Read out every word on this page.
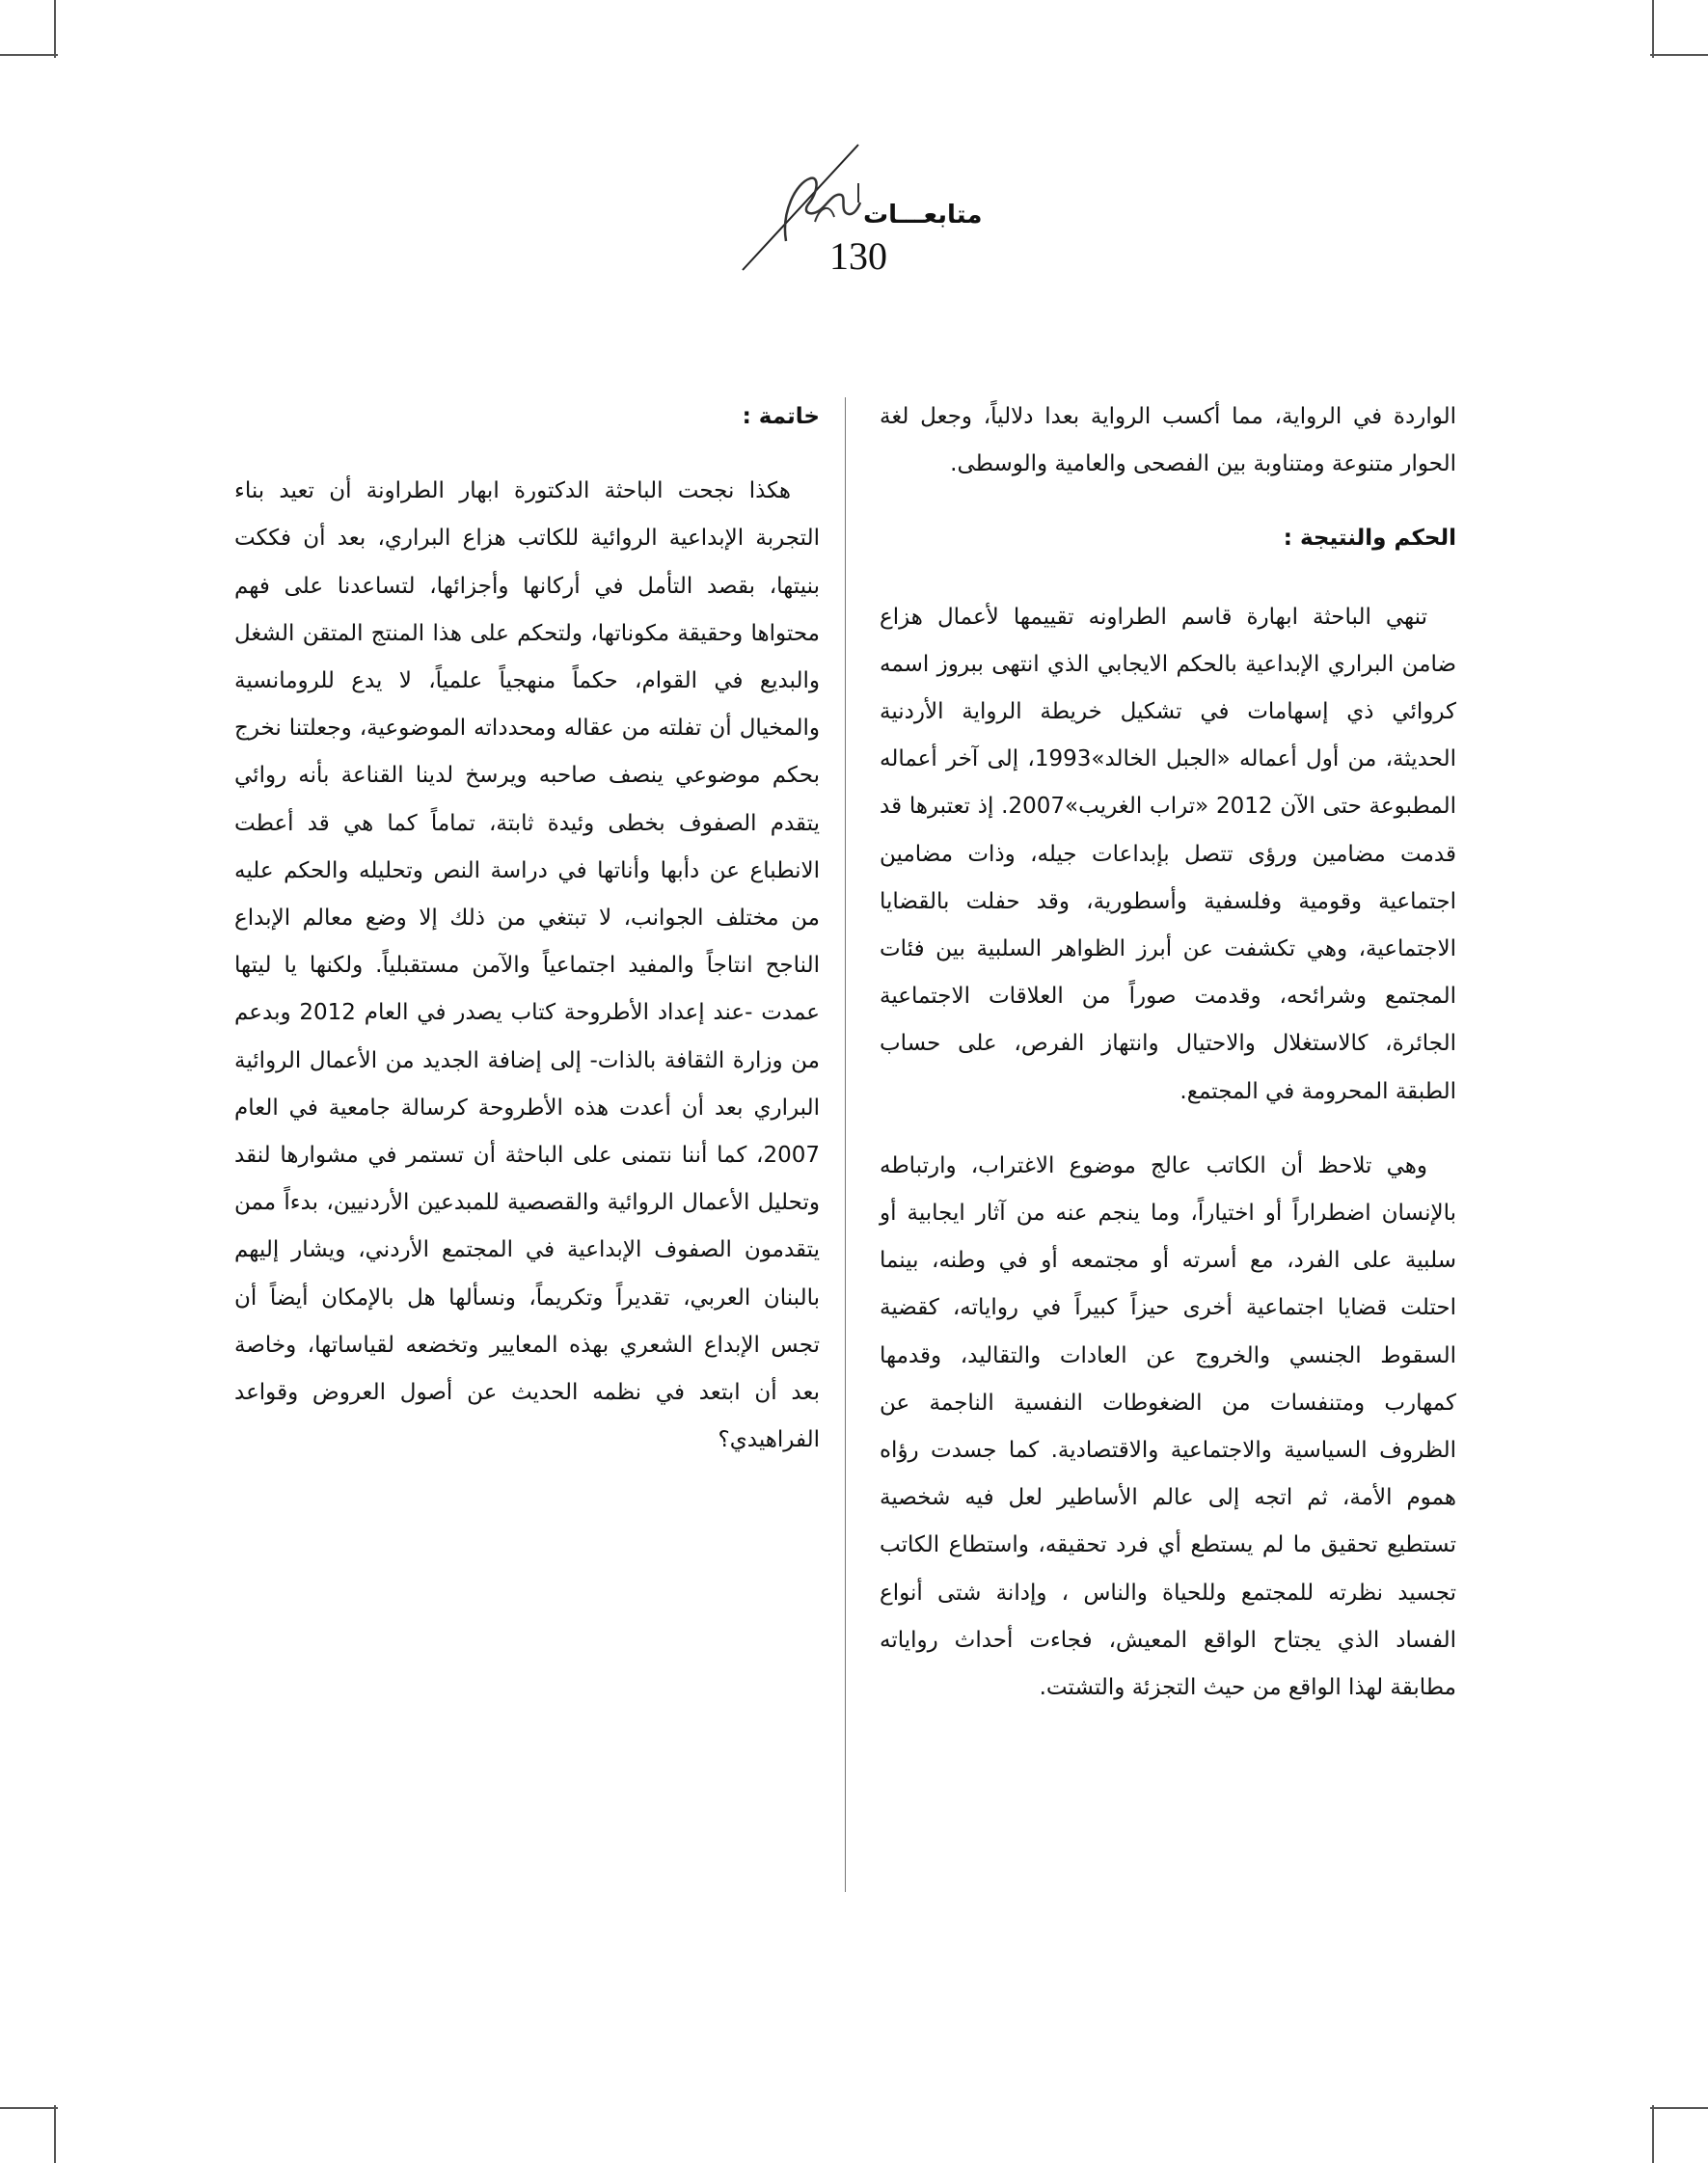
متابعـــات
130

الواردة في الرواية، مما أكسب الرواية بعدا دلالياً، وجعل لغة الحوار متنوعة ومتناوبة بين الفصحى والعامية والوسطى.

الحكم والنتيجة :

تنهي الباحثة ابهارة قاسم الطراونه تقييمها لأعمال هزاع ضامن البراري الإبداعية بالحكم الايجابي الذي انتهى ببروز اسمه كروائي ذي إسهامات في تشكيل خريطة الرواية الأردنية الحديثة، من أول أعماله «الجبل الخالد»1993، إلى آخر أعماله المطبوعة حتى الآن 2012 «تراب الغريب»2007. إذ تعتبرها قد قدمت مضامين ورؤى تتصل بإبداعات جيله، وذات مضامين اجتماعية وقومية وفلسفية وأسطورية، وقد حفلت بالقضايا الاجتماعية، وهي تكشفت عن أبرز الظواهر السلبية بين فئات المجتمع وشرائحه، وقدمت صوراً من العلاقات الاجتماعية الجائرة، كالاستغلال والاحتيال وانتهاز الفرص، على حساب الطبقة المحرومة في المجتمع.

وهي تلاحظ أن الكاتب عالج موضوع الاغتراب، وارتباطه بالإنسان اضطراراً أو اختياراً، وما ينجم عنه من آثار ايجابية أو سلبية على الفرد، مع أسرته أو مجتمعه أو في وطنه، بينما احتلت قضايا اجتماعية أخرى حيزاً كبيراً في رواياته، كقضية السقوط الجنسي والخروج عن العادات والتقاليد، وقدمها كمهارب ومتنفسات من الضغوطات النفسية الناجمة عن الظروف السياسية والاجتماعية والاقتصادية. كما جسدت رؤاه هموم الأمة، ثم اتجه إلى عالم الأساطير لعل فيه شخصية تستطيع تحقيق ما لم يستطع أي فرد تحقيقه، واستطاع الكاتب تجسيد نظرته للمجتمع وللحياة والناس ، وإدانة شتى أنواع الفساد الذي يجتاح الواقع المعيش، فجاءت أحداث رواياته مطابقة لهذا الواقع من حيث التجزئة والتشتت.

خاتمة :

هكذا نجحت الباحثة الدكتورة ابهار الطراونة أن تعيد بناء التجربة الإبداعية الروائية للكاتب هزاع البراري، بعد أن فككت بنيتها، بقصد التأمل في أركانها وأجزائها، لتساعدنا على فهم محتواها وحقيقة مكوناتها، ولتحكم على هذا المنتج المتقن الشغل والبديع في القوام، حكماً منهجياً علمياً، لا يدع للرومانسية والمخيال أن تفلته من عقاله ومحدداته الموضوعية، وجعلتنا نخرج بحكم موضوعي ينصف صاحبه ويرسخ لدينا القناعة بأنه روائي يتقدم الصفوف بخطى وئيدة ثابتة، تماماً كما هي قد أعطت الانطباع عن دأبها وأناتها في دراسة النص وتحليله والحكم عليه من مختلف الجوانب، لا تبتغي من ذلك إلا وضع معالم الإبداع الناجح انتاجاً والمفيد اجتماعياً والآمن مستقبلياً. ولكنها يا ليتها عمدت -عند إعداد الأطروحة كتاب يصدر في العام 2012 وبدعم من وزارة الثقافة بالذات- إلى إضافة الجديد من الأعمال الروائية البراري بعد أن أعدت هذه الأطروحة كرسالة جامعية في العام 2007، كما أننا نتمنى على الباحثة أن تستمر في مشوارها لنقد وتحليل الأعمال الروائية والقصصية للمبدعين الأردنيين، بدءاً ممن يتقدمون الصفوف الإبداعية في المجتمع الأردني، ويشار إليهم بالبنان العربي، تقديراً وتكريماً، ونسألها هل بالإمكان أيضاً أن تجس الإبداع الشعري بهذه المعايير وتخضعه لقياساتها، وخاصة بعد أن ابتعد في نظمه الحديث عن أصول العروض وقواعد الفراهيدي؟
